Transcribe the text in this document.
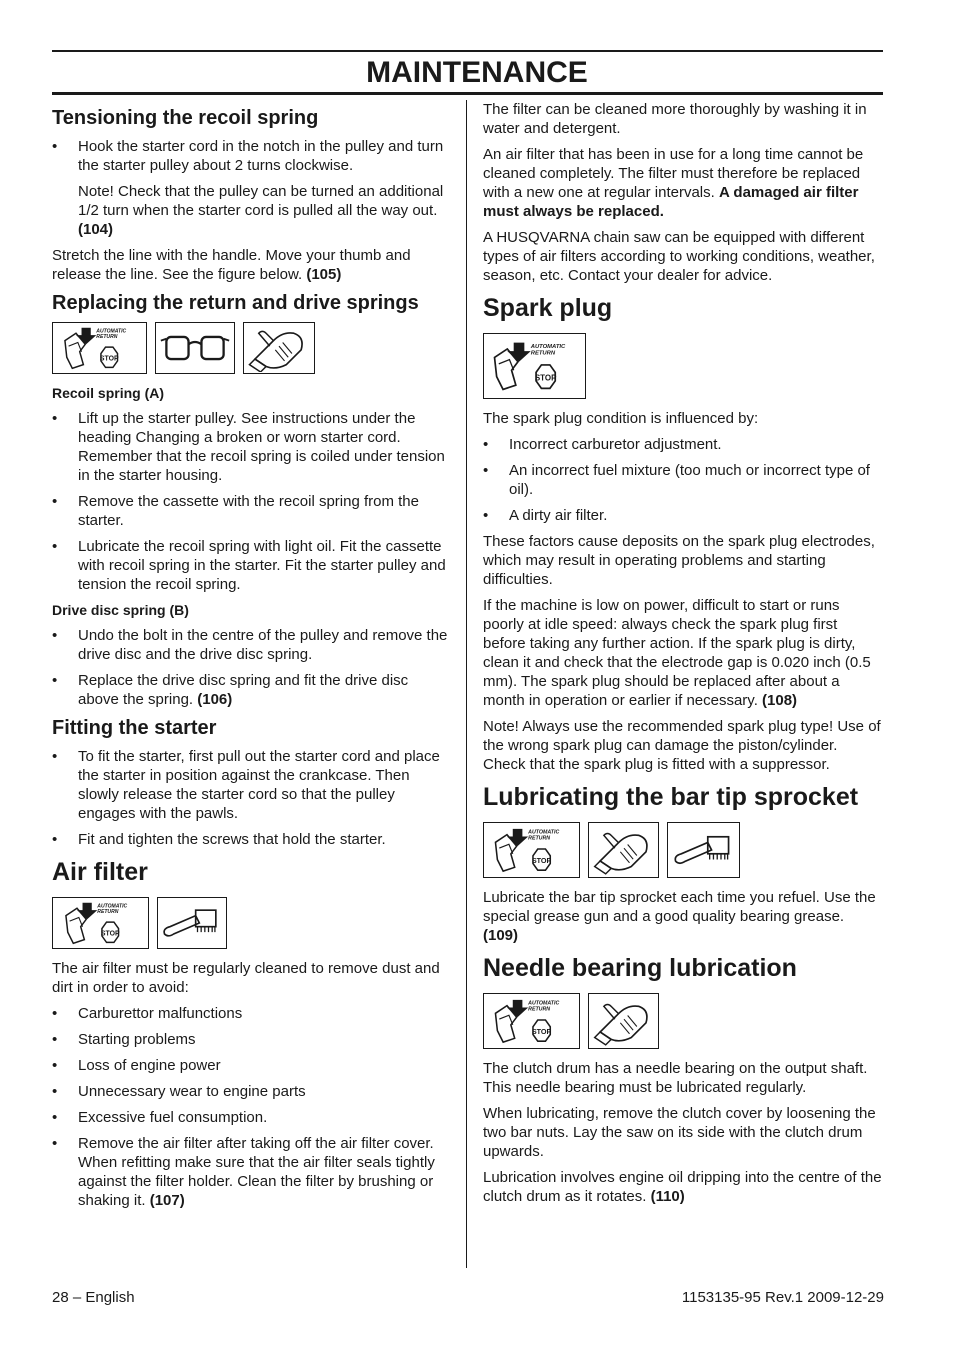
MAINTENANCE
Tensioning the recoil spring
• Hook the starter cord in the notch in the pulley and turn the starter pulley about 2 turns clockwise.

Note! Check that the pulley can be turned an additional 1/2 turn when the starter cord is pulled all the way out. (104)

Stretch the line with the handle. Move your thumb and release the line. See the figure below. (105)

Replacing the return and drive springs
Recoil spring (A)
• Lift up the starter pulley. See instructions under the heading Changing a broken or worn starter cord. Remember that the recoil spring is coiled under tension in the starter housing.
• Remove the cassette with the recoil spring from the starter.
• Lubricate the recoil spring with light oil. Fit the cassette with recoil spring in the starter. Fit the starter pulley and tension the recoil spring.
Drive disc spring (B)
• Undo the bolt in the centre of the pulley and remove the drive disc and the drive disc spring.
• Replace the drive disc spring and fit the drive disc above the spring. (106)
Fitting the starter
• To fit the starter, first pull out the starter cord and place the starter in position against the crankcase. Then slowly release the starter cord so that the pulley engages with the pawls.
• Fit and tighten the screws that hold the starter.
Air filter

The air filter must be regularly cleaned to remove dust and dirt in order to avoid:

• Carburettor malfunctions
• Starting problems
• Loss of engine power
• Unnecessary wear to engine parts
• Excessive fuel consumption.
• Remove the air filter after taking off the air filter cover. When refitting make sure that the air filter seals tightly against the filter holder. Clean the filter by brushing or shaking it. (107)

The filter can be cleaned more thoroughly by washing it in water and detergent.

An air filter that has been in use for a long time cannot be cleaned completely. The filter must therefore be replaced with a new one at regular intervals. A damaged air filter must always be replaced.

A HUSQVARNA chain saw can be equipped with different types of air filters according to working conditions, weather, season, etc. Contact your dealer for advice.

Spark plug

The spark plug condition is influenced by:

• Incorrect carburetor adjustment.
• An incorrect fuel mixture (too much or incorrect type of oil).
• A dirty air filter.

These factors cause deposits on the spark plug electrodes, which may result in operating problems and starting difficulties.

If the machine is low on power, difficult to start or runs poorly at idle speed: always check the spark plug first before taking any further action. If the spark plug is dirty, clean it and check that the electrode gap is 0.020 inch (0.5 mm). The spark plug should be replaced after about a month in operation or earlier if necessary. (108)

Note! Always use the recommended spark plug type! Use of the wrong spark plug can damage the piston/cylinder. Check that the spark plug is fitted with a suppressor.

Lubricating the bar tip sprocket

Lubricate the bar tip sprocket each time you refuel. Use the special grease gun and a good quality bearing grease. (109)

Needle bearing lubrication

The clutch drum has a needle bearing on the output shaft. This needle bearing must be lubricated regularly.

When lubricating, remove the clutch cover by loosening the two bar nuts. Lay the saw on its side with the clutch drum upwards.

Lubrication involves engine oil dripping into the centre of the clutch drum as it rotates. (110)

28 – English	1153135-95 Rev.1 2009-12-29
